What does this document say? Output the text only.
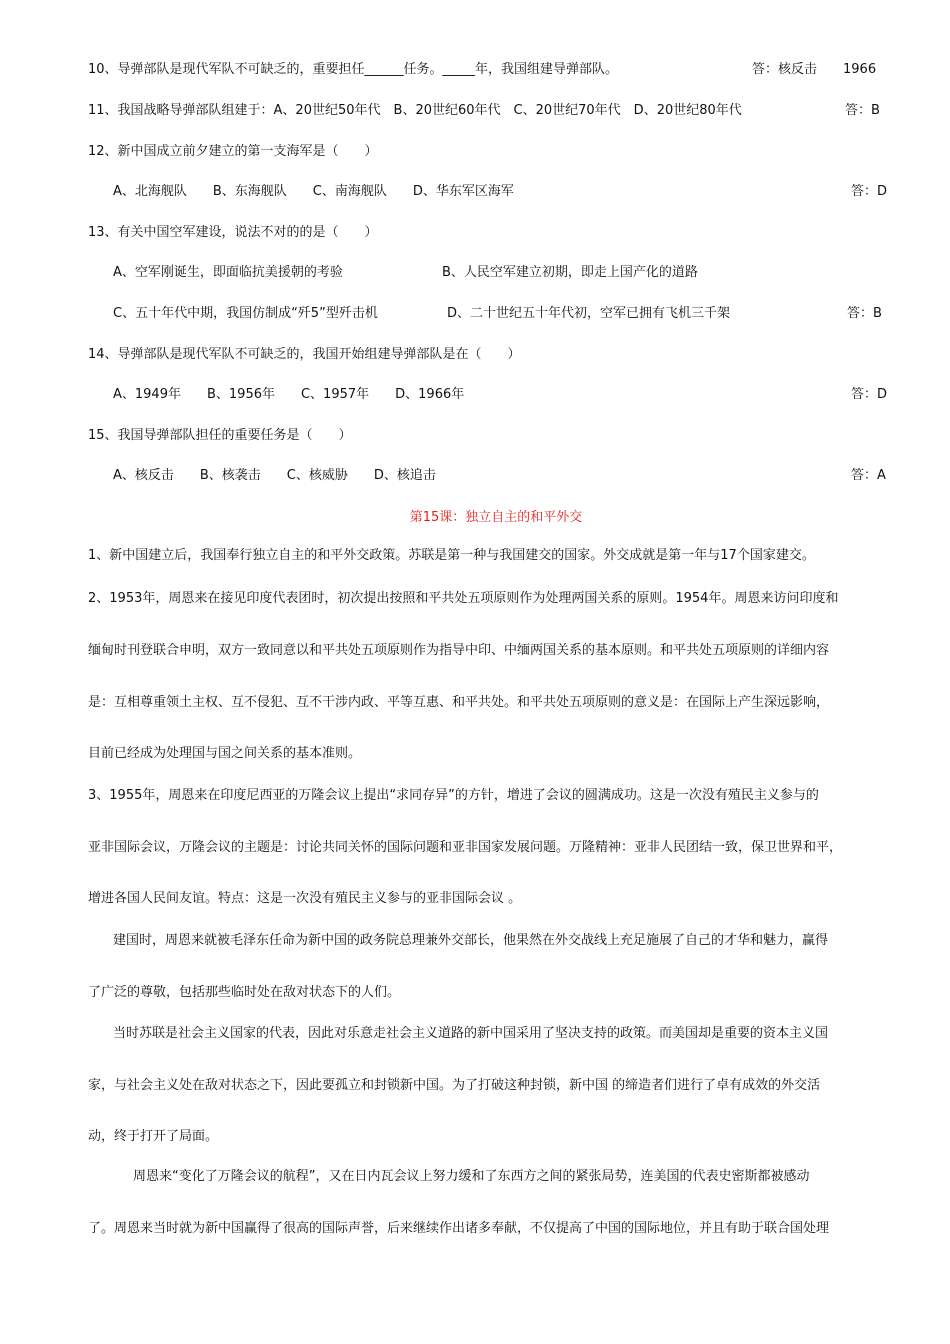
10、导弹部队是现代军队不可缺乏的，重要担任______任务。_____年，我国组建导弹部队。	答：核反击　　1966
11、我国战略导弹部队组建于：A、20世纪50年代　B、20世纪60年代　C、20世纪70年代　D、20世纪80年代	答：B
12、新中国成立前夕建立的第一支海军是（　　）
A、北海舰队　　B、东海舰队　　C、南海舰队　　D、华东军区海军	答：D
13、有关中国空军建设，说法不对的的是（　　）
A、空军刚诞生，即面临抗美援朝的考验	B、人民空军建立初期，即走上国产化的道路
C、五十年代中期，我国仿制成“歼5”型歼击机	D、二十世纪五十年代初，空军已拥有飞机三千架	答：B
14、导弹部队是现代军队不可缺乏的，我国开始组建导弹部队是在（　　）
A、1949年　　B、1956年　　C、1957年　　D、1966年	答：D
15、我国导弹部队担任的重要任务是（　　）
A、核反击　　B、核袭击　　C、核威胁　　D、核追击	答：A
第15课：独立自主的和平外交
1、新中国建立后，我国奉行独立自主的和平外交政策。苏联是第一种与我国建交的国家。外交成就是第一年与17个国家建交。
2、1953年，周恩来在接见印度代表团时，初次提出按照和平共处五项原则作为处理两国关系的原则。1954年。周恩来访问印度和
缅甸时刊登联合申明，双方一致同意以和平共处五项原则作为指导中印、中缅两国关系的基本原则。和平共处五项原则的详细内容
是：互相尊重领土主权、互不侵犯、互不干涉内政、平等互惠、和平共处。和平共处五项原则的意义是：在国际上产生深远影响，
目前已经成为处理国与国之间关系的基本准则。
3、1955年，周恩来在印度尼西亚的万隆会议上提出“求同存异”的方针，增进了会议的圆满成功。这是一次没有殖民主义参与的
亚非国际会议，万隆会议的主题是：讨论共同关怀的国际问题和亚非国家发展问题。万隆精神：亚非人民团结一致，保卫世界和平，
增进各国人民间友谊。特点：这是一次没有殖民主义参与的亚非国际会议 。
建国时，周恩来就被毛泽东任命为新中国的政务院总理兼外交部长，他果然在外交战线上充足施展了自己的才华和魅力，赢得
了广泛的尊敬，包括那些临时处在敌对状态下的人们。
当时苏联是社会主义国家的代表，因此对乐意走社会主义道路的新中国采用了坚决支持的政策。而美国却是重要的资本主义国
家，与社会主义处在敌对状态之下，因此要孤立和封锁新中国。为了打破这种封锁，新中国 的缔造者们进行了卓有成效的外交活
动，终于打开了局面。
周恩来“变化了万隆会议的航程”，又在日内瓦会议上努力缓和了东西方之间的紧张局势，连美国的代表史密斯都被感动
了。周恩来当时就为新中国赢得了很高的国际声誉，后来继续作出诸多奉献，不仅提高了中国的国际地位，并且有助于联合国处理
